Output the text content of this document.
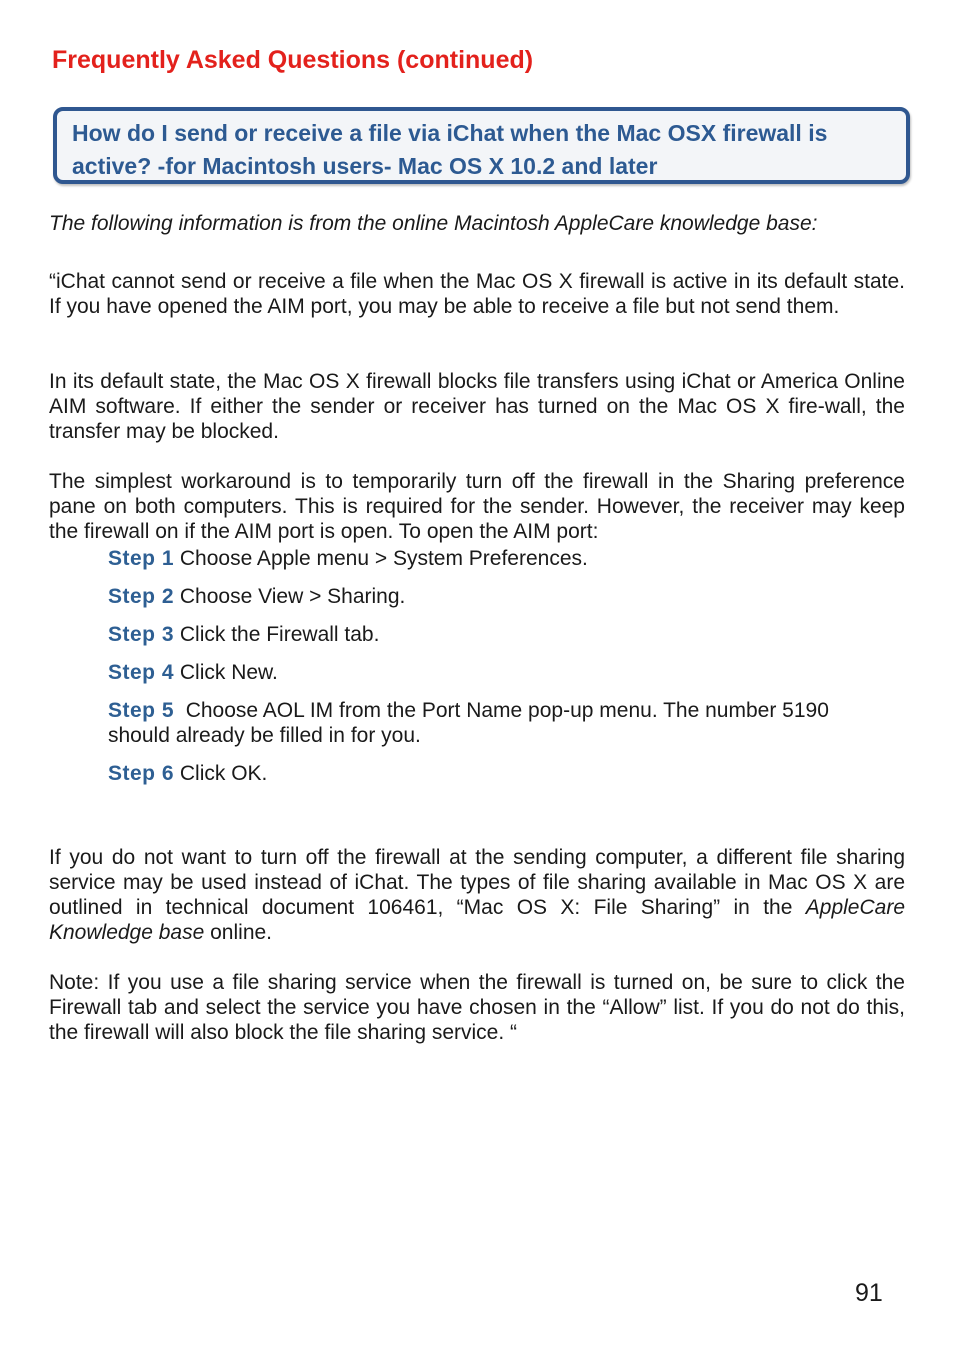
Frequently Asked Questions (continued)

How do I send or receive a file via iChat when the Mac OSX firewall is active? -for Macintosh users- Mac OS X 10.2 and later

The following information is from the online Macintosh AppleCare knowledge base:

“iChat cannot send or receive a file when the Mac OS X firewall is active in its default state. If you have opened the AIM port, you may be able to receive a file but not send them.

In its default state, the Mac OS X firewall blocks file transfers using iChat or America Online AIM software. If either the sender or receiver has turned on the Mac OS X fire-wall, the transfer may be blocked.

The simplest workaround is to temporarily turn off the firewall in the Sharing preference pane on both computers. This is required for the sender. However, the receiver may keep the firewall on if the AIM port is open. To open the AIM port:

Step 1 Choose Apple menu > System Preferences.

Step 2 Choose View > Sharing.

Step 3 Click the Firewall tab.

Step 4 Click New.

Step 5 Choose AOL IM from the Port Name pop-up menu. The number 5190 should already be filled in for you.

Step 6 Click OK.

If you do not want to turn off the firewall at the sending computer, a different file sharing service may be used instead of iChat. The types of file sharing available in Mac OS X are outlined in technical document 106461, “Mac OS X: File Sharing” in the AppleCare Knowledge base online.

Note: If you use a file sharing service when the firewall is turned on, be sure to click the Firewall tab and select the service you have chosen in the “Allow” list. If you do not do this, the firewall will also block the file sharing service. “

91
